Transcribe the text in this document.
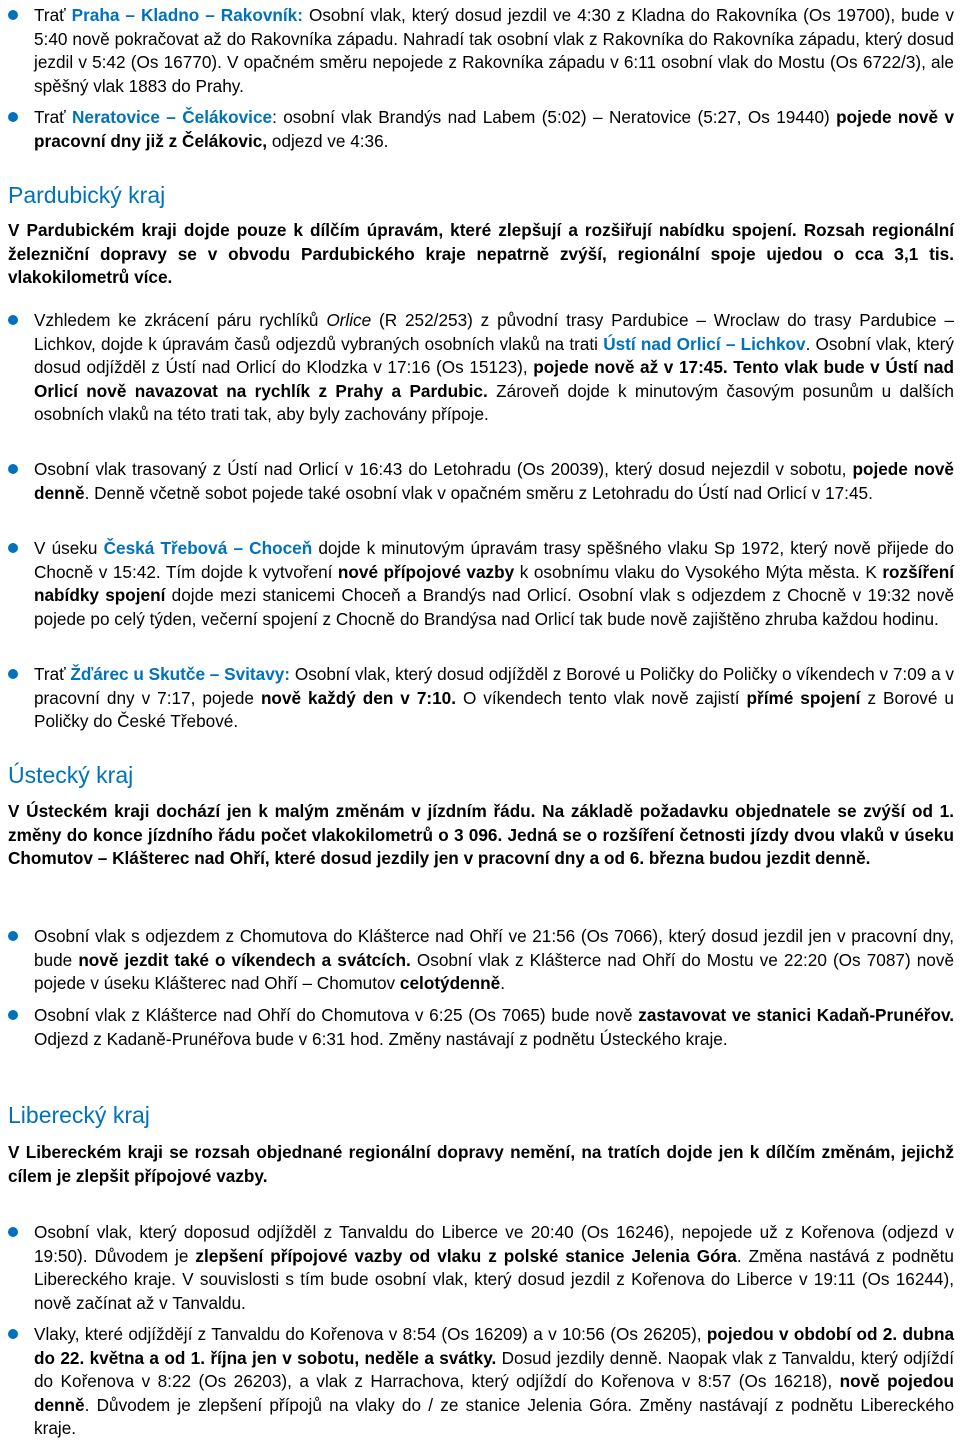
Trať Praha – Kladno – Rakovník: Osobní vlak, který dosud jezdil ve 4:30 z Kladna do Rakovníka (Os 19700), bude v 5:40 nově pokračovat až do Rakovníka západu. Nahradí tak osobní vlak z Rakovníka do Rakovníka západu, který dosud jezdil v 5:42 (Os 16770). V opačném směru nepojede z Rakovníka západu v 6:11 osobní vlak do Mostu (Os 6722/3), ale spěšný vlak 1883 do Prahy.
Trať Neratovice – Čelákovice: osobní vlak Brandýs nad Labem (5:02) – Neratovice (5:27, Os 19440) pojede nově v pracovní dny již z Čelákovic, odjezd ve 4:36.
Pardubický kraj
V Pardubickém kraji dojde pouze k dílčím úpravám, které zlepšují a rozšiřují nabídku spojení. Rozsah regionální železniční dopravy se v obvodu Pardubického kraje nepatrně zvýší, regionální spoje ujedou o cca 3,1 tis. vlakokilometrů více.
Vzhledem ke zkrácení páru rychlíků Orlice (R 252/253) z původní trasy Pardubice – Wroclaw do trasy Pardubice – Lichkov, dojde k úpravám časů odjezdů vybraných osobních vlaků na trati Ústí nad Orlicí – Lichkov. Osobní vlak, který dosud odjížděl z Ústí nad Orlicí do Klodzka v 17:16 (Os 15123), pojede nově až v 17:45. Tento vlak bude v Ústí nad Orlicí nově navazovat na rychlík z Prahy a Pardubic. Zároveň dojde k minutovým časovým posunům u dalších osobních vlaků na této trati tak, aby byly zachovány přípoje.
Osobní vlak trasovaný z Ústí nad Orlicí v 16:43 do Letohradu (Os 20039), který dosud nejezdil v sobotu, pojede nově denně. Denně včetně sobot pojede také osobní vlak v opačném směru z Letohradu do Ústí nad Orlicí v 17:45.
V úseku Česká Třebová – Choceň dojde k minutovým úpravám trasy spěšného vlaku Sp 1972, který nově přijede do Chocně v 15:42. Tím dojde k vytvoření nové přípojové vazby k osobnímu vlaku do Vysokého Mýta města. K rozšíření nabídky spojení dojde mezi stanicemi Choceň a Brandýs nad Orlicí. Osobní vlak s odjezdem z Chocně v 19:32 nově pojede po celý týden, večerní spojení z Chocně do Brandýsa nad Orlicí tak bude nově zajištěno zhruba každou hodinu.
Trať Žďárec u Skutče – Svitavy: Osobní vlak, který dosud odjížděl z Borové u Poličky do Poličky o víkendech v 7:09 a v pracovní dny v 7:17, pojede nově každý den v 7:10. O víkendech tento vlak nově zajistí přímé spojení z Borové u Poličky do České Třebové.
Ústecký kraj
V Ústeckém kraji dochází jen k malým změnám v jízdním řádu. Na základě požadavku objednatele se zvýší od 1. změny do konce jízdního řádu počet vlakokilometrů o 3 096. Jedná se o rozšíření četnosti jízdy dvou vlaků v úseku Chomutov – Klášterec nad Ohří, které dosud jezdily jen v pracovní dny a od 6. března budou jezdit denně.
Osobní vlak s odjezdem z Chomutova do Klášterce nad Ohří ve 21:56 (Os 7066), který dosud jezdil jen v pracovní dny, bude nově jezdit také o víkendech a svátcích. Osobní vlak z Klášterce nad Ohří do Mostu ve 22:20 (Os 7087) nově pojede v úseku Klášterec nad Ohří – Chomutov celotýdenně.
Osobní vlak z Klášterce nad Ohří do Chomutova v 6:25 (Os 7065) bude nově zastavovat ve stanici Kadaň-Prunéřov. Odjezd z Kadaně-Prunéřova bude v 6:31 hod. Změny nastávají z podnětu Ústeckého kraje.
Liberecký kraj
V Libereckém kraji se rozsah objednané regionální dopravy nemění, na tratích dojde jen k dílčím změnám, jejichž cílem je zlepšit přípojové vazby.
Osobní vlak, který doposud odjížděl z Tanvaldu do Liberce ve 20:40 (Os 16246), nepojede už z Kořenova (odjezd v 19:50). Důvodem je zlepšení přípojové vazby od vlaku z polské stanice Jelenia Góra. Změna nastává z podnětu Libereckého kraje. V souvislosti s tím bude osobní vlak, který dosud jezdil z Kořenova do Liberce v 19:11 (Os 16244), nově začínat až v Tanvaldu.
Vlaky, které odjíždějí z Tanvaldu do Kořenova v 8:54 (Os 16209) a v 10:56 (Os 26205), pojedou v období od 2. dubna do 22. května a od 1. října jen v sobotu, neděle a svátky. Dosud jezdily denně. Naopak vlak z Tanvaldu, který odjíždí do Kořenova v 8:22 (Os 26203), a vlak z Harrachova, který odjíždí do Kořenova v 8:57 (Os 16218), nově pojedou denně. Důvodem je zlepšení přípojů na vlaky do / ze stanice Jelenia Góra. Změny nastávají z podnětu Libereckého kraje.
